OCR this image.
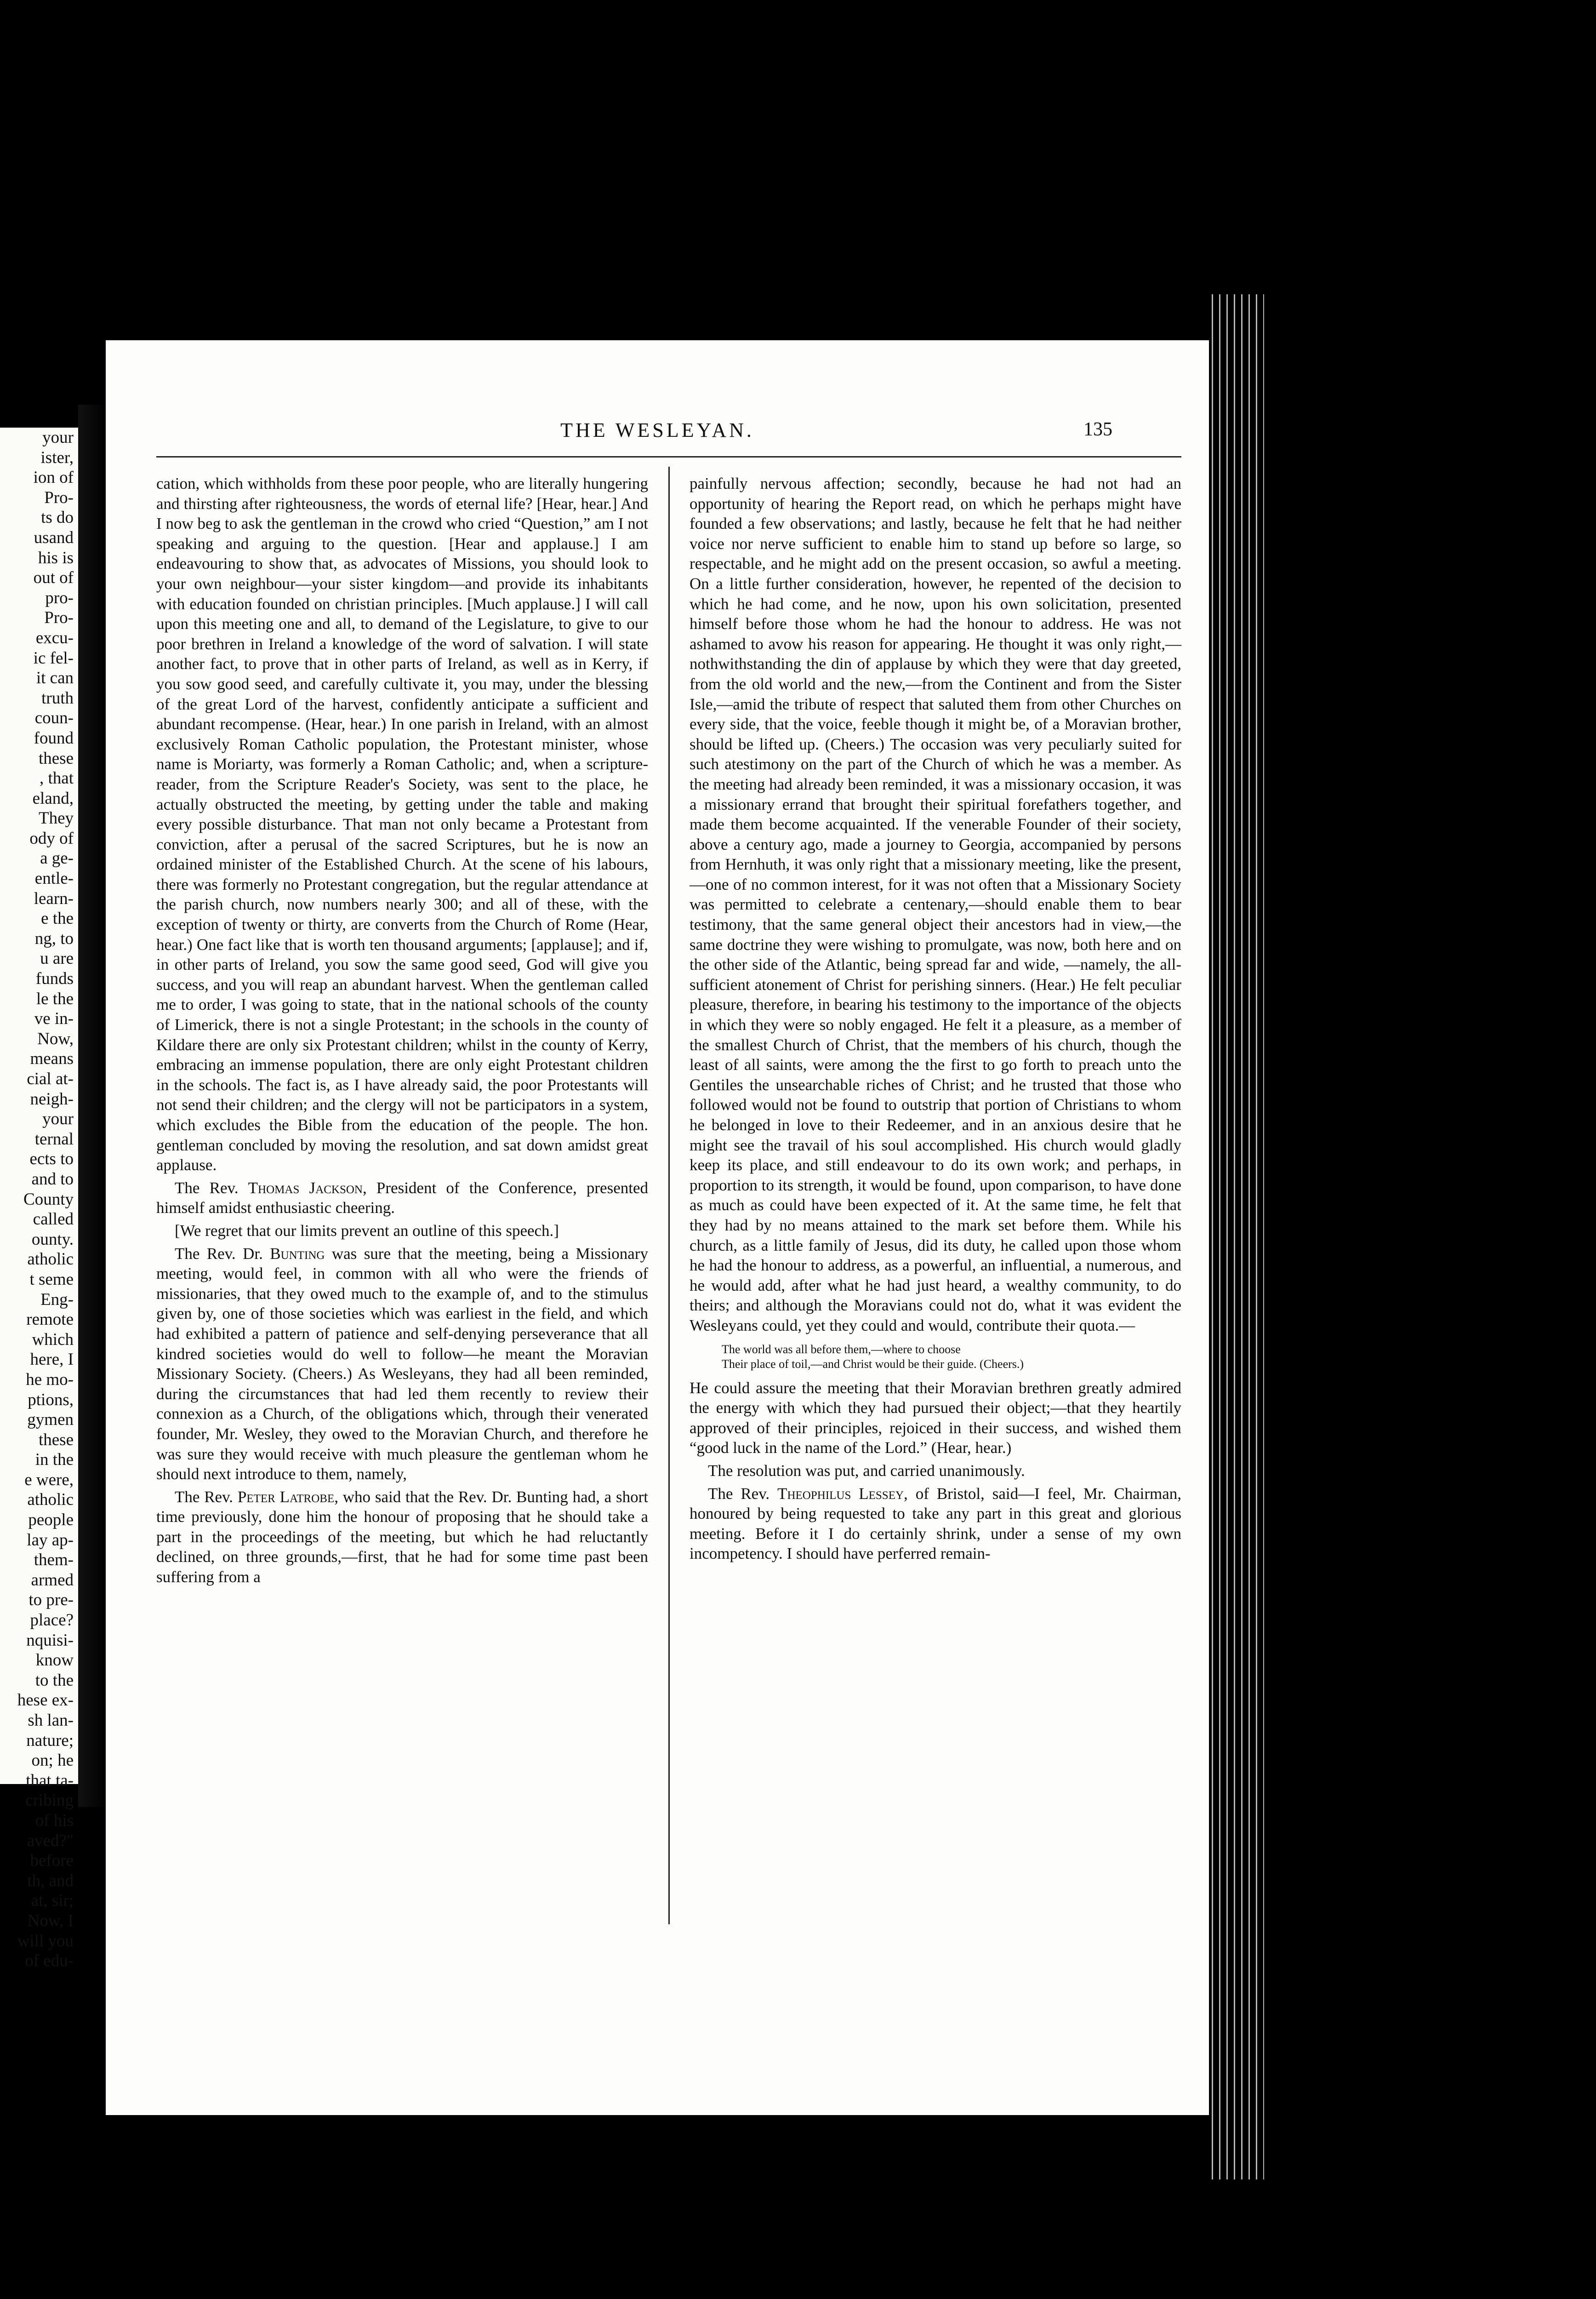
your
ister,
ion of
Pro-
ts do
usand
his is
out of
pro-
Pro-
excu-
ic fel-
it can
truth
coun-
found
these
, that
eland,
They
ody of
a ge-
entle-
learn-
e the
ng, to
u are
funds
le the
ve in-
Now,
means
cial at-
neigh-
your
ternal
ects to
and to
County
called
ounty.
atholic
t seme
Eng-
remote
which
here, I
he mo-
ptions,
gymen
these
in the
e were,
atholic
people
lay ap-
them-
armed
to pre-
place?
nquisi-
know
to the
hese ex-
sh lan-
nature;
on; he
that ta-
cribing
of his
aved?"
before
th, and
at, sir;
Now, I
will you
of edu-
THE WESLEYAN.	135

cation, which withholds from these poor people, who are literally hungering and thirsting after righteousness, the words of eternal life? [Hear, hear.] And I now beg to ask the gentleman in the crowd who cried “Question,” am I not speaking and arguing to the question. [Hear and applause.] I am endeavouring to show that, as advocates of Missions, you should look to your own neighbour—your sister kingdom—and provide its inhabitants with education founded on christian principles. [Much applause.] I will call upon this meeting one and all, to demand of the Legislature, to give to our poor brethren in Ireland a knowledge of the word of salvation. I will state another fact, to prove that in other parts of Ireland, as well as in Kerry, if you sow good seed, and carefully cultivate it, you may, under the blessing of the great Lord of the harvest, confidently anticipate a sufficient and abundant recompense. (Hear, hear.) In one parish in Ireland, with an almost exclusively Roman Catholic population, the Protestant minister, whose name is Moriarty, was formerly a Roman Catholic; and, when a scripture-reader, from the Scripture Reader's Society, was sent to the place, he actually obstructed the meeting, by getting under the table and making every possible disturbance. That man not only became a Protestant from conviction, after a perusal of the sacred Scriptures, but he is now an ordained minister of the Established Church. At the scene of his labours, there was formerly no Protestant congregation, but the regular attendance at the parish church, now numbers nearly 300; and all of these, with the exception of twenty or thirty, are converts from the Church of Rome (Hear, hear.) One fact like that is worth ten thousand arguments; [applause]; and if, in other parts of Ireland, you sow the same good seed, God will give you success, and you will reap an abundant harvest. When the gentleman called me to order, I was going to state, that in the national schools of the county of Limerick, there is not a single Protestant; in the schools in the county of Kildare there are only six Protestant children; whilst in the county of Kerry, embracing an immense population, there are only eight Protestant children in the schools. The fact is, as I have already said, the poor Protestants will not send their children; and the clergy will not be participators in a system, which excludes the Bible from the education of the people. The hon. gentleman concluded by moving the resolution, and sat down amidst great applause.

The Rev. Thomas Jackson, President of the Conference, presented himself amidst enthusiastic cheering.

[We regret that our limits prevent an outline of this speech.]

The Rev. Dr. Bunting was sure that the meeting, being a Missionary meeting, would feel, in common with all who were the friends of missionaries, that they owed much to the example of, and to the stimulus given by, one of those societies which was earliest in the field, and which had exhibited a pattern of patience and self-denying perseverance that all kindred societies would do well to follow—he meant the Moravian Missionary Society. (Cheers.) As Wesleyans, they had all been reminded, during the circumstances that had led them recently to review their connexion as a Church, of the obligations which, through their venerated founder, Mr. Wesley, they owed to the Moravian Church, and therefore he was sure they would receive with much pleasure the gentleman whom he should next introduce to them, namely,

The Rev. Peter Latrobe, who said that the Rev. Dr. Bunting had, a short time previously, done him the honour of proposing that he should take a part in the proceedings of the meeting, but which he had reluctantly declined, on three grounds,—first, that he had for some time past been suffering from a

painfully nervous affection; secondly, because he had not had an opportunity of hearing the Report read, on which he perhaps might have founded a few observations; and lastly, because he felt that he had neither voice nor nerve sufficient to enable him to stand up before so large, so respectable, and he might add on the present occasion, so awful a meeting. On a little further consideration, however, he repented of the decision to which he had come, and he now, upon his own solicitation, presented himself before those whom he had the honour to address. He was not ashamed to avow his reason for appearing. He thought it was only right,—nothwithstanding the din of applause by which they were that day greeted, from the old world and the new,—from the Continent and from the Sister Isle,—amid the tribute of respect that saluted them from other Churches on every side, that the voice, feeble though it might be, of a Moravian brother, should be lifted up. (Cheers.) The occasion was very peculiarly suited for such atestimony on the part of the Church of which he was a member. As the meeting had already been reminded, it was a missionary occasion, it was a missionary errand that brought their spiritual forefathers together, and made them become acquainted. If the venerable Founder of their society, above a century ago, made a journey to Georgia, accompanied by persons from Hernhuth, it was only right that a missionary meeting, like the present,—one of no common interest, for it was not often that a Missionary Society was permitted to celebrate a centenary,—should enable them to bear testimony, that the same general object their ancestors had in view,—the same doctrine they were wishing to promulgate, was now, both here and on the other side of the Atlantic, being spread far and wide, —namely, the all-sufficient atonement of Christ for perishing sinners. (Hear.) He felt peculiar pleasure, therefore, in bearing his testimony to the importance of the objects in which they were so nobly engaged. He felt it a pleasure, as a member of the smallest Church of Christ, that the members of his church, though the least of all saints, were among the the first to go forth to preach unto the Gentiles the unsearchable riches of Christ; and he trusted that those who followed would not be found to outstrip that portion of Christians to whom he belonged in love to their Redeemer, and in an anxious desire that he might see the travail of his soul accomplished. His church would gladly keep its place, and still endeavour to do its own work; and perhaps, in proportion to its strength, it would be found, upon comparison, to have done as much as could have been expected of it. At the same time, he felt that they had by no means attained to the mark set before them. While his church, as a little family of Jesus, did its duty, he called upon those whom he had the honour to address, as a powerful, an influential, a numerous, and he would add, after what he had just heard, a wealthy community, to do theirs; and although the Moravians could not do, what it was evident the Wesleyans could, yet they could and would, contribute their quota.—

The world was all before them,—where to choose
Their place of toil,—and Christ would be their guide. (Cheers.)

He could assure the meeting that their Moravian brethren greatly admired the energy with which they had pursued their object;—that they heartily approved of their principles, rejoiced in their success, and wished them “good luck in the name of the Lord.” (Hear, hear.)

The resolution was put, and carried unanimously.

The Rev. Theophilus Lessey, of Bristol, said—I feel, Mr. Chairman, honoured by being requested to take any part in this great and glorious meeting. Before it I do certainly shrink, under a sense of my own incompetency. I should have perferred remain-
